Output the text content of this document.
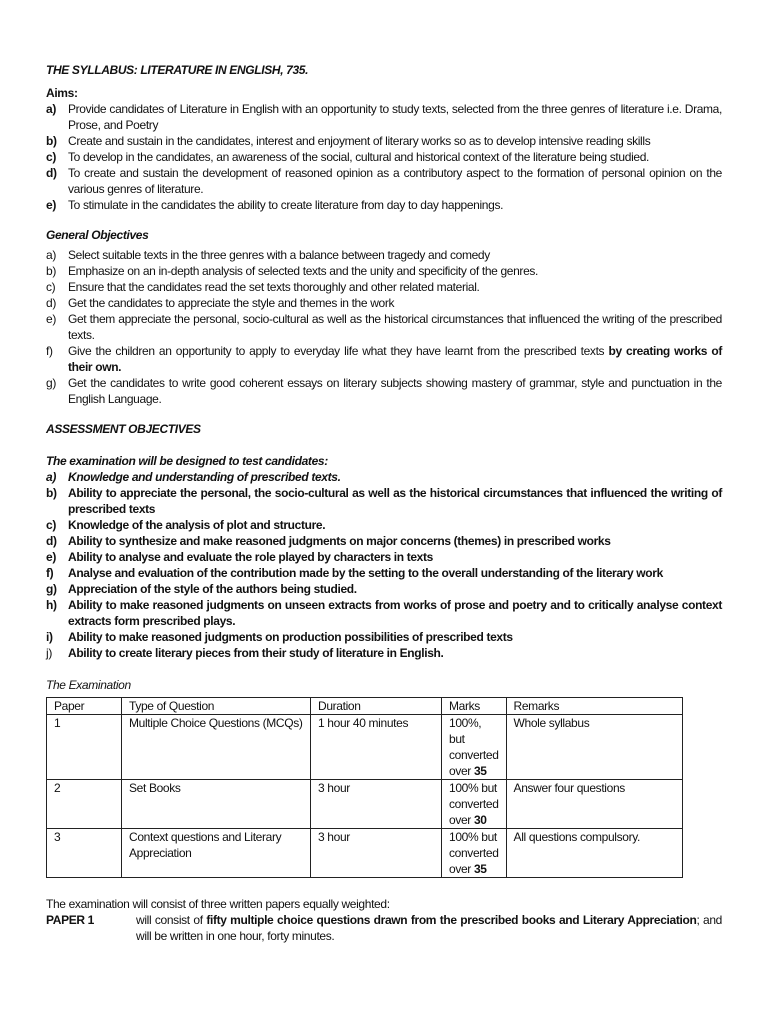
THE SYLLABUS: LITERATURE IN ENGLISH, 735.
Aims:
a)	Provide candidates of Literature in English with an opportunity to study texts, selected from the three genres of literature i.e. Drama, Prose, and Poetry
b) Create and sustain in the candidates, interest and enjoyment of literary works so as to develop intensive reading skills
c)	To develop in the candidates, an awareness of the social, cultural and historical context of the literature being studied.
d) To create and sustain the development of reasoned opinion as a contributory aspect to the formation of personal opinion on the various genres of literature.
e)	To stimulate in the candidates the ability to create literature from day to day happenings.
General Objectives
a)	Select suitable texts in the three genres with a balance between tragedy and comedy
b)	Emphasize on an in-depth analysis of selected texts and the unity and specificity of the genres.
c)	Ensure that the candidates read the set texts thoroughly and other related material.
d)	Get the candidates to appreciate the style and themes in the work
e)	Get them appreciate the personal, socio-cultural as well as the historical circumstances that influenced the writing of the prescribed texts.
f)	Give the children an opportunity to apply to everyday life what they have learnt from the prescribed texts by creating works of their own.
g)	Get the candidates to write good coherent essays on literary subjects showing mastery of grammar, style and punctuation in the English Language.
ASSESSMENT OBJECTIVES
The examination will be designed to test candidates:
a)	Knowledge and understanding of prescribed texts.
b) Ability to appreciate the personal, the socio-cultural as well as the historical circumstances that influenced the writing of prescribed texts
c)	Knowledge of the analysis of plot and structure.
d) Ability to synthesize and make reasoned judgments on major concerns (themes) in prescribed works
e)	Ability to analyse and evaluate the role played by characters in texts
f)	Analyse and evaluation of the contribution made by the setting to the overall understanding of the literary work
g) Appreciation of the style of the authors being studied.
h) Ability to make reasoned judgments on unseen extracts from works of prose and poetry and to critically analyse context extracts form prescribed plays.
i)	Ability to make reasoned judgments on production possibilities of prescribed texts
j)	Ability to create literary pieces from their study of literature in English.
The Examination
Paper	Type of Question	Duration	Marks	Remarks
1	Multiple Choice Questions (MCQs)	1 hour 40 minutes	100%, but converted over 35	Whole syllabus
2	Set Books	3 hour	100% but converted over 30	Answer four questions
3	Context questions and Literary Appreciation	3 hour	100% but converted over 35	All questions compulsory.
The examination will consist of three written papers equally weighted:
PAPER 1	will consist of fifty multiple choice questions drawn from the prescribed books and Literary Appreciation; and will be written in one hour, forty minutes.
